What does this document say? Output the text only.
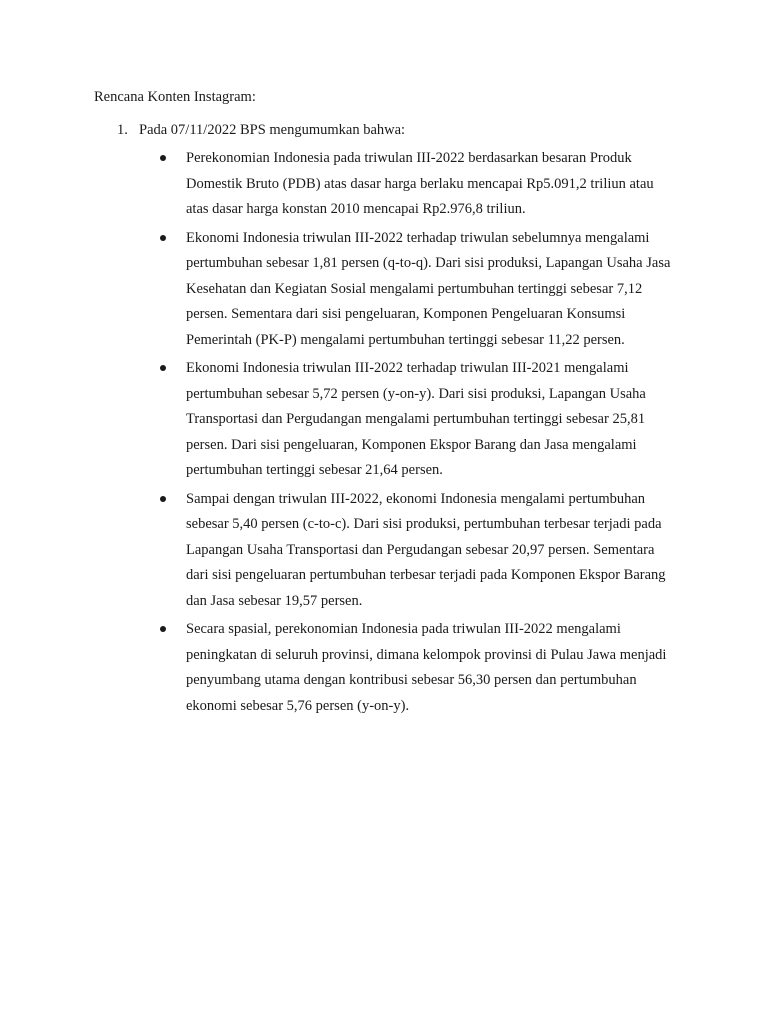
Rencana Konten Instagram:
1. Pada 07/11/2022 BPS mengumumkan bahwa:
Perekonomian Indonesia pada triwulan III-2022 berdasarkan besaran Produk Domestik Bruto (PDB) atas dasar harga berlaku mencapai Rp5.091,2 triliun atau atas dasar harga konstan 2010 mencapai Rp2.976,8 triliun.
Ekonomi Indonesia triwulan III-2022 terhadap triwulan sebelumnya mengalami pertumbuhan sebesar 1,81 persen (q-to-q). Dari sisi produksi, Lapangan Usaha Jasa Kesehatan dan Kegiatan Sosial mengalami pertumbuhan tertinggi sebesar 7,12 persen. Sementara dari sisi pengeluaran, Komponen Pengeluaran Konsumsi Pemerintah (PK-P) mengalami pertumbuhan tertinggi sebesar 11,22 persen.
Ekonomi Indonesia triwulan III-2022 terhadap triwulan III-2021 mengalami pertumbuhan sebesar 5,72 persen (y-on-y). Dari sisi produksi, Lapangan Usaha Transportasi dan Pergudangan mengalami pertumbuhan tertinggi sebesar 25,81 persen. Dari sisi pengeluaran, Komponen Ekspor Barang dan Jasa mengalami pertumbuhan tertinggi sebesar 21,64 persen.
Sampai dengan triwulan III-2022, ekonomi Indonesia mengalami pertumbuhan sebesar 5,40 persen (c-to-c). Dari sisi produksi, pertumbuhan terbesar terjadi pada Lapangan Usaha Transportasi dan Pergudangan sebesar 20,97 persen. Sementara dari sisi pengeluaran pertumbuhan terbesar terjadi pada Komponen Ekspor Barang dan Jasa sebesar 19,57 persen.
Secara spasial, perekonomian Indonesia pada triwulan III-2022 mengalami peningkatan di seluruh provinsi, dimana kelompok provinsi di Pulau Jawa menjadi penyumbang utama dengan kontribusi sebesar 56,30 persen dan pertumbuhan ekonomi sebesar 5,76 persen (y-on-y).
